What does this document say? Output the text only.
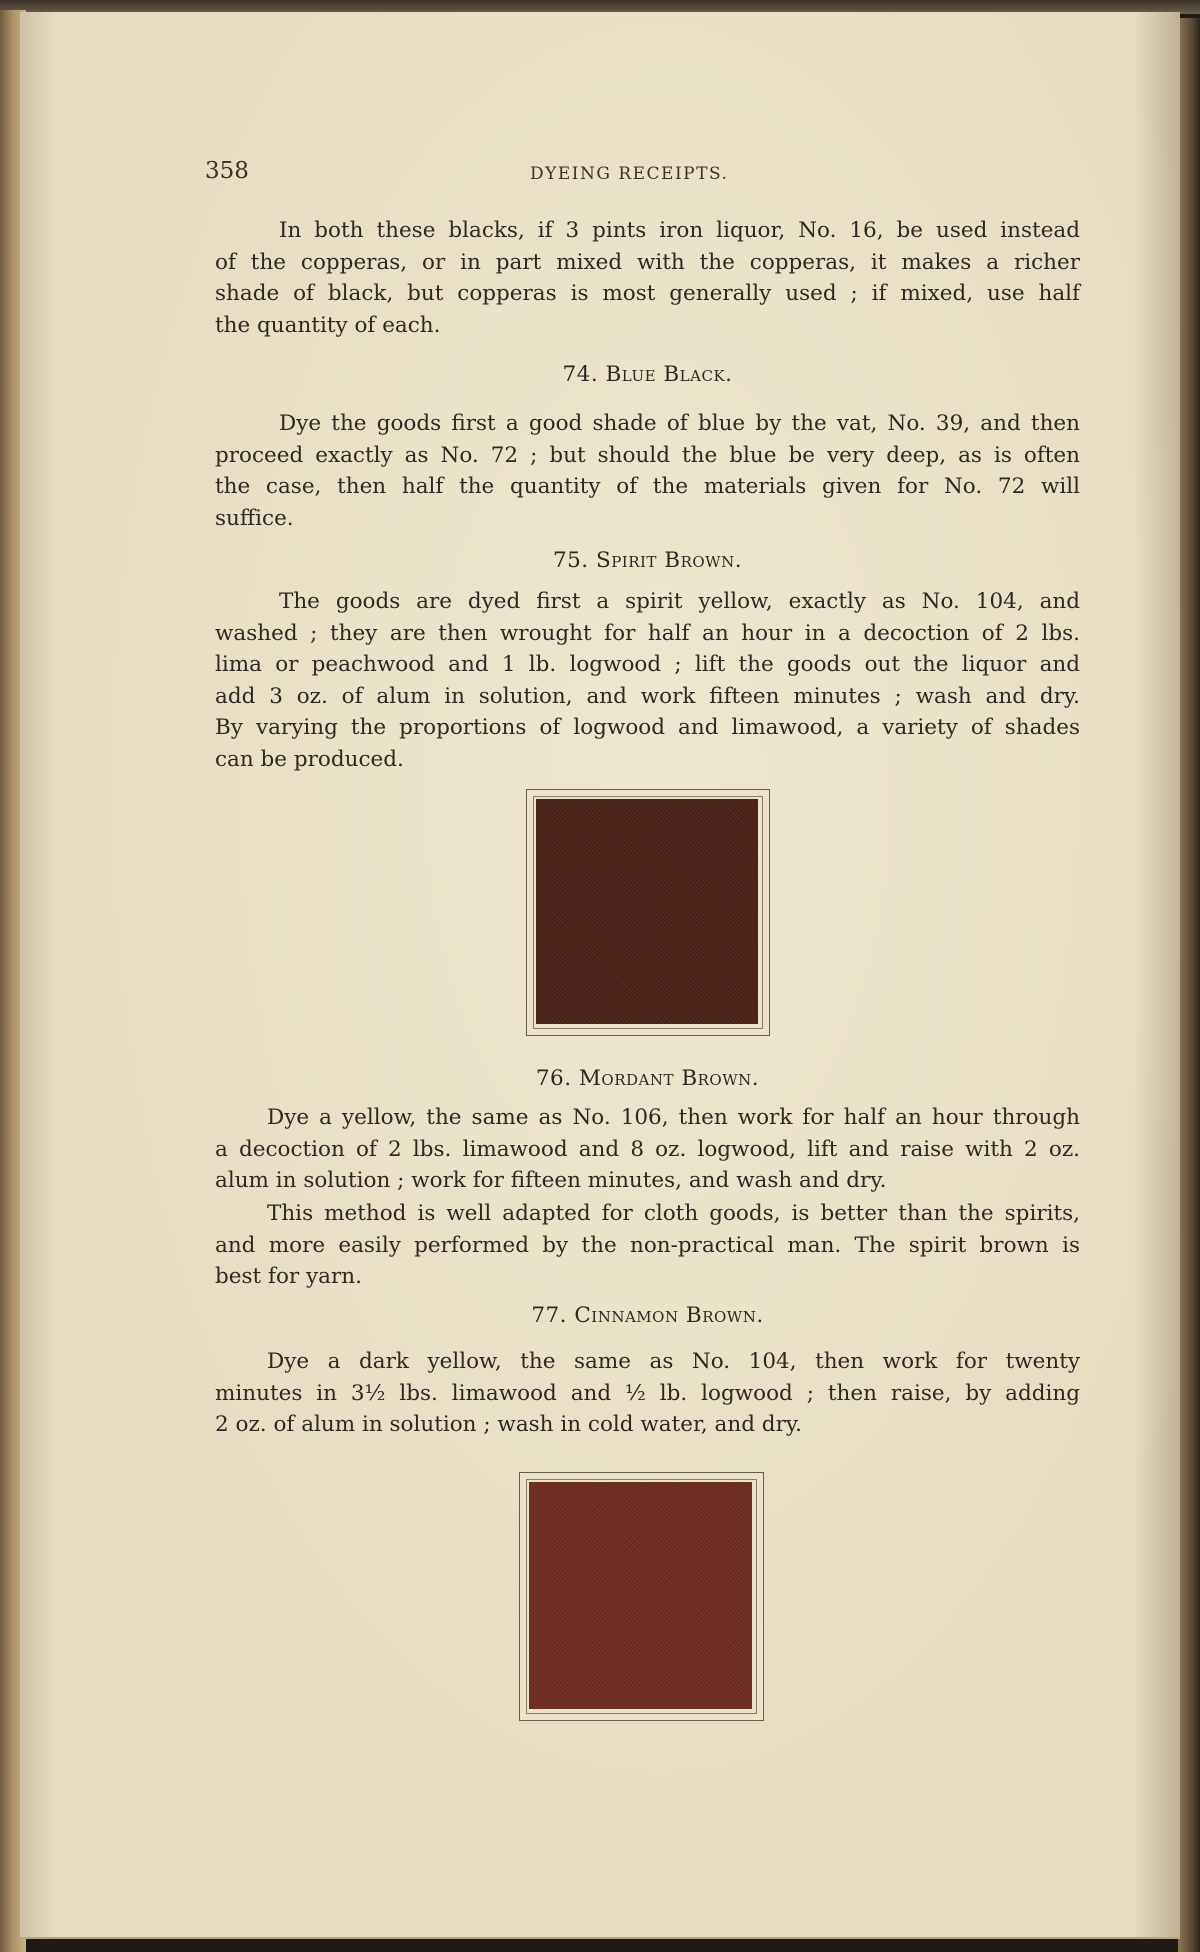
358	DYEING RECEIPTS.
In both these blacks, if 3 pints iron liquor, No. 16, be used instead
of the copperas, or in part mixed with the copperas, it makes a richer
shade of black, but copperas is most generally used ; if mixed, use half
the quantity of each.
74. Blue Black.
Dye the goods first a good shade of blue by the vat, No. 39, and then
proceed exactly as No. 72 ; but should the blue be very deep, as is often
the case, then half the quantity of the materials given for No. 72 will
suffice.
75. Spirit Brown.
The goods are dyed first a spirit yellow, exactly as No. 104, and
washed ; they are then wrought for half an hour in a decoction of 2 lbs.
lima or peachwood and 1 lb. logwood ; lift the goods out the liquor and
add 3 oz. of alum in solution, and work fifteen minutes ; wash and dry.
By varying the proportions of logwood and limawood, a variety of shades
can be produced.
76. Mordant Brown.
Dye a yellow, the same as No. 106, then work for half an hour through
a decoction of 2 lbs. limawood and 8 oz. logwood, lift and raise with 2 oz.
alum in solution ; work for fifteen minutes, and wash and dry.
This method is well adapted for cloth goods, is better than the spirits,
and more easily performed by the non-practical man. The spirit brown is
best for yarn.
77. Cinnamon Brown.
Dye a dark yellow, the same as No. 104, then work for twenty
minutes in 3½ lbs. limawood and ½ lb. logwood ; then raise, by adding
2 oz. of alum in solution ; wash in cold water, and dry.
